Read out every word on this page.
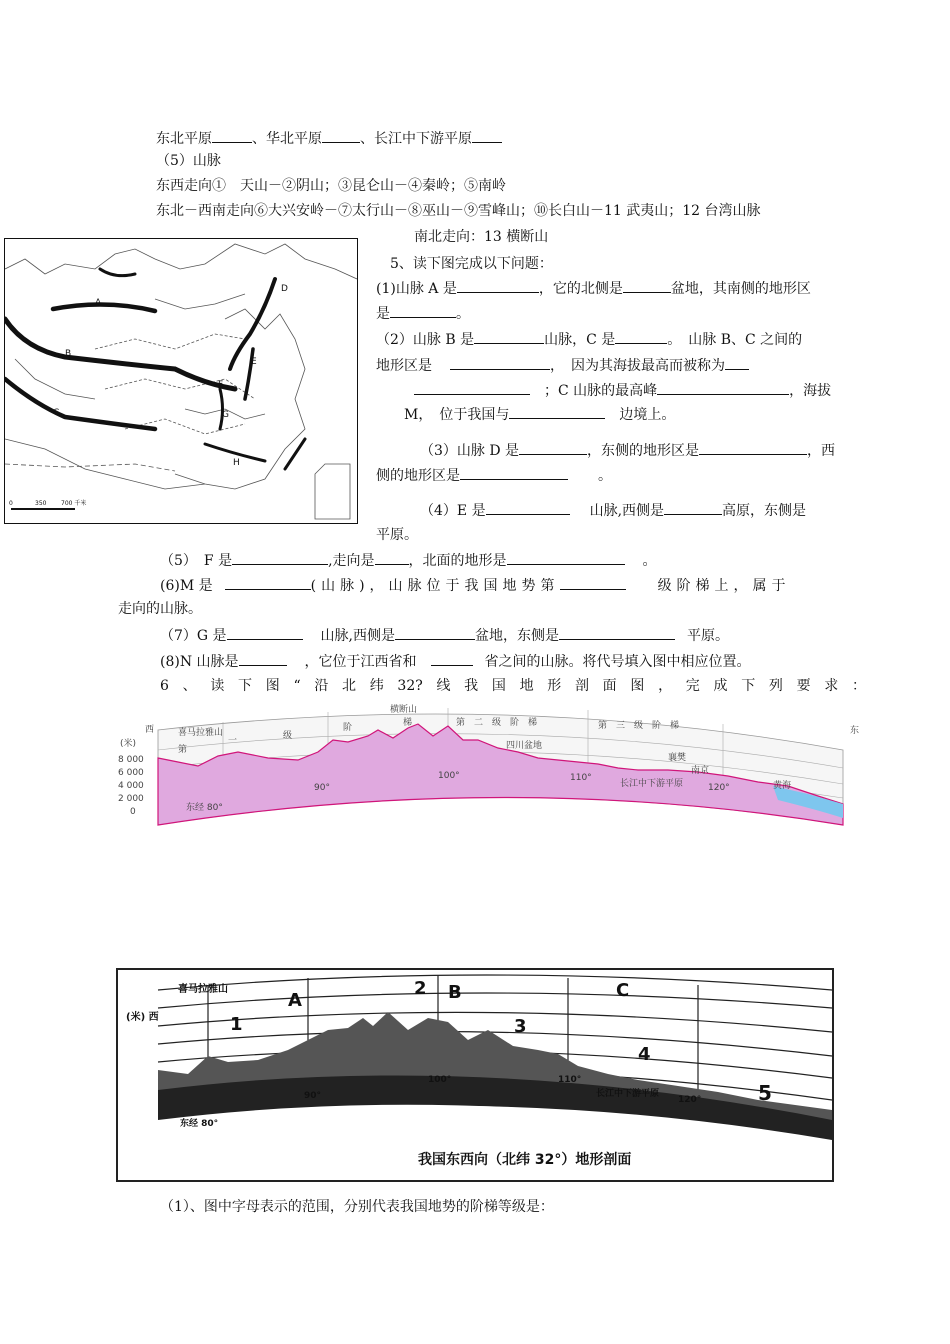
东北平原	、华北平原	、长江中下游平原
（5）山脉
东西走向①　天山－②阴山；③昆仑山－④秦岭；⑤南岭
东北－西南走向⑥大兴安岭－⑦太行山－⑧巫山－⑨雪峰山；⑩长白山－11 武夷山；12 台湾山脉
南北走向：13 横断山
5、读下图完成以下问题：
A
B
C
D
E
F
G
H
0	350 700 千米
(1)山脉 A 是	，它的北侧是	盆地，其南侧的地形区
是	。
（2）山脉 B 是	山脉，C 是	。　山脉 B、C 之间的
地形区是	，　因为其海拔最高而被称为
；C 山脉的最高峰	，海拔
M，　位于我国与	边境上。
（3）山脉 D 是	，东侧的地形区是	，西
侧的地形区是	。
（4）E 是	山脉,西侧是	高原，东侧是
平原。
（5）　F 是	,走向是 ，北面的地形是	。
(6)M 是	(山脉)，山脉位于我国地势第	级阶梯上，属于
走向的山脉。
（7）G 是	山脉,西侧是	盆地，东侧是	平原。
(8)N 山脉是	，它位于江西省和	省之间的山脉。将代号填入图中相应位置。
6 、 读 下 图 “ 沿 北 纬 32? 线 我 国 地 形 剖 面 图 ， 完 成 下 列 要 求 ：
西	东
(米)
8 000
6 000
4 000
2 000
0
横断山
喜马拉雅山
第
一	级
阶	梯	第　二　级　阶　梯	第　三　级　阶　梯
四川盆地
襄樊
南京
长江中下游平原	黄海
东经 80°
90°
100°	110°
120°
(米) 西
喜马拉雅山
1
2
3
4
5
A	B	C
东经 80°
90°
100°	110°
长江中下游平原
120°
我国东西向（北纬 32°）地形剖面
（1）、图中字母表示的范围，分别代表我国地势的阶梯等级是：
